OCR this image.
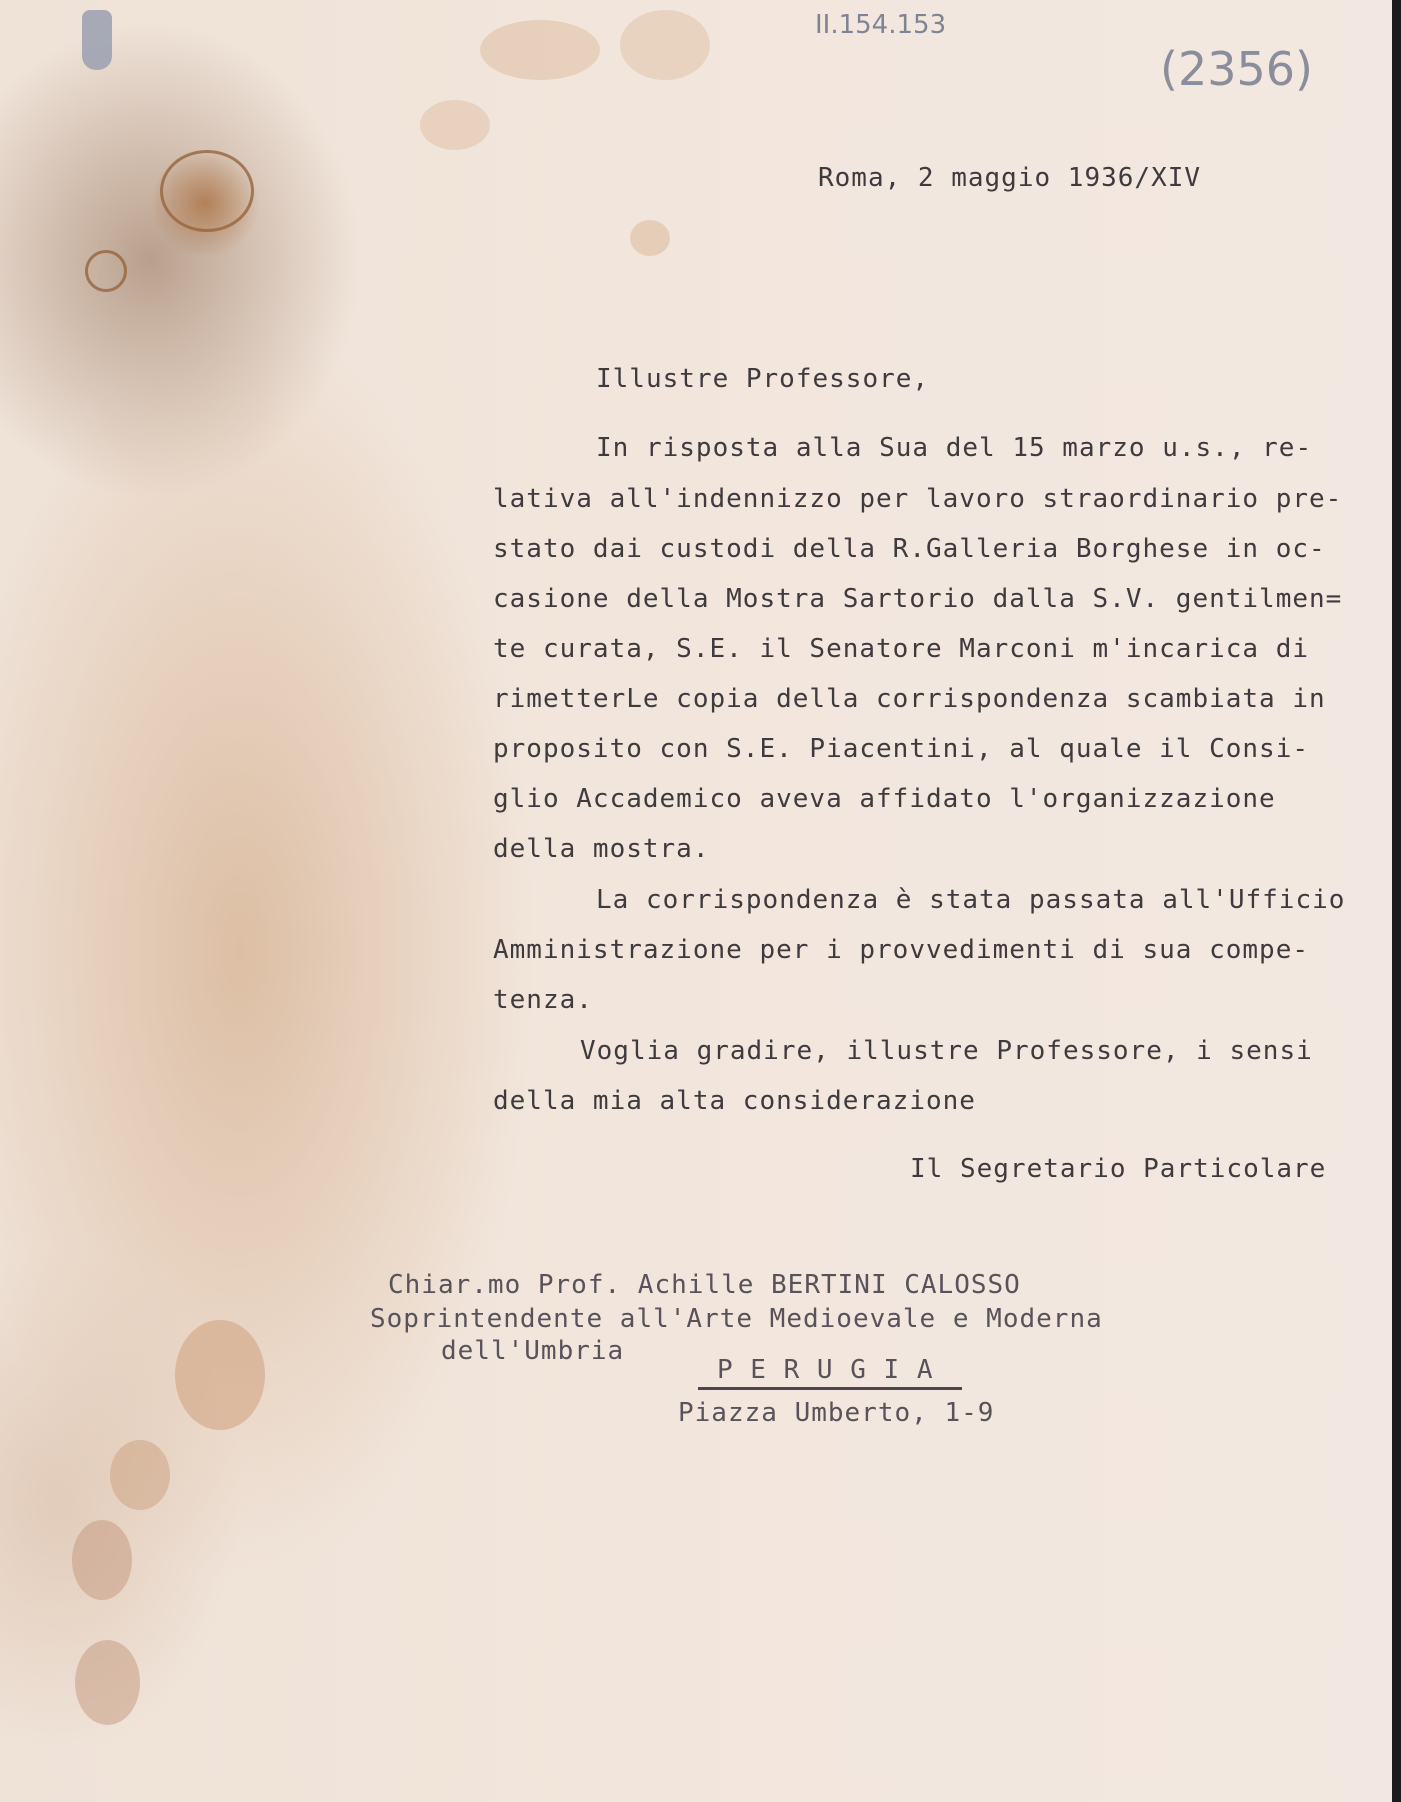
II.154.153
(2356)
Roma, 2 maggio 1936/XIV
Illustre Professore,
In risposta alla Sua del 15 marzo u.s., re-
lativa all'indennizzo per lavoro straordinario pre-
stato dai custodi della R.Galleria Borghese in oc-
casione della Mostra Sartorio dalla S.V. gentilmen=
te curata, S.E. il Senatore Marconi m'incarica di
rimetterLe copia della corrispondenza scambiata in
proposito con S.E. Piacentini, al quale il Consi-
glio Accademico aveva affidato l'organizzazione
della mostra.
La corrispondenza è stata passata all'Ufficio
Amministrazione per i provvedimenti di sua compe-
tenza.
Voglia gradire, illustre Professore, i sensi
della mia alta considerazione
Il Segretario Particolare
Chiar.mo Prof. Achille BERTINI CALOSSO
Soprintendente all'Arte Medioevale e Moderna
dell'Umbria
P E R U G I A
Piazza Umberto, 1-9
